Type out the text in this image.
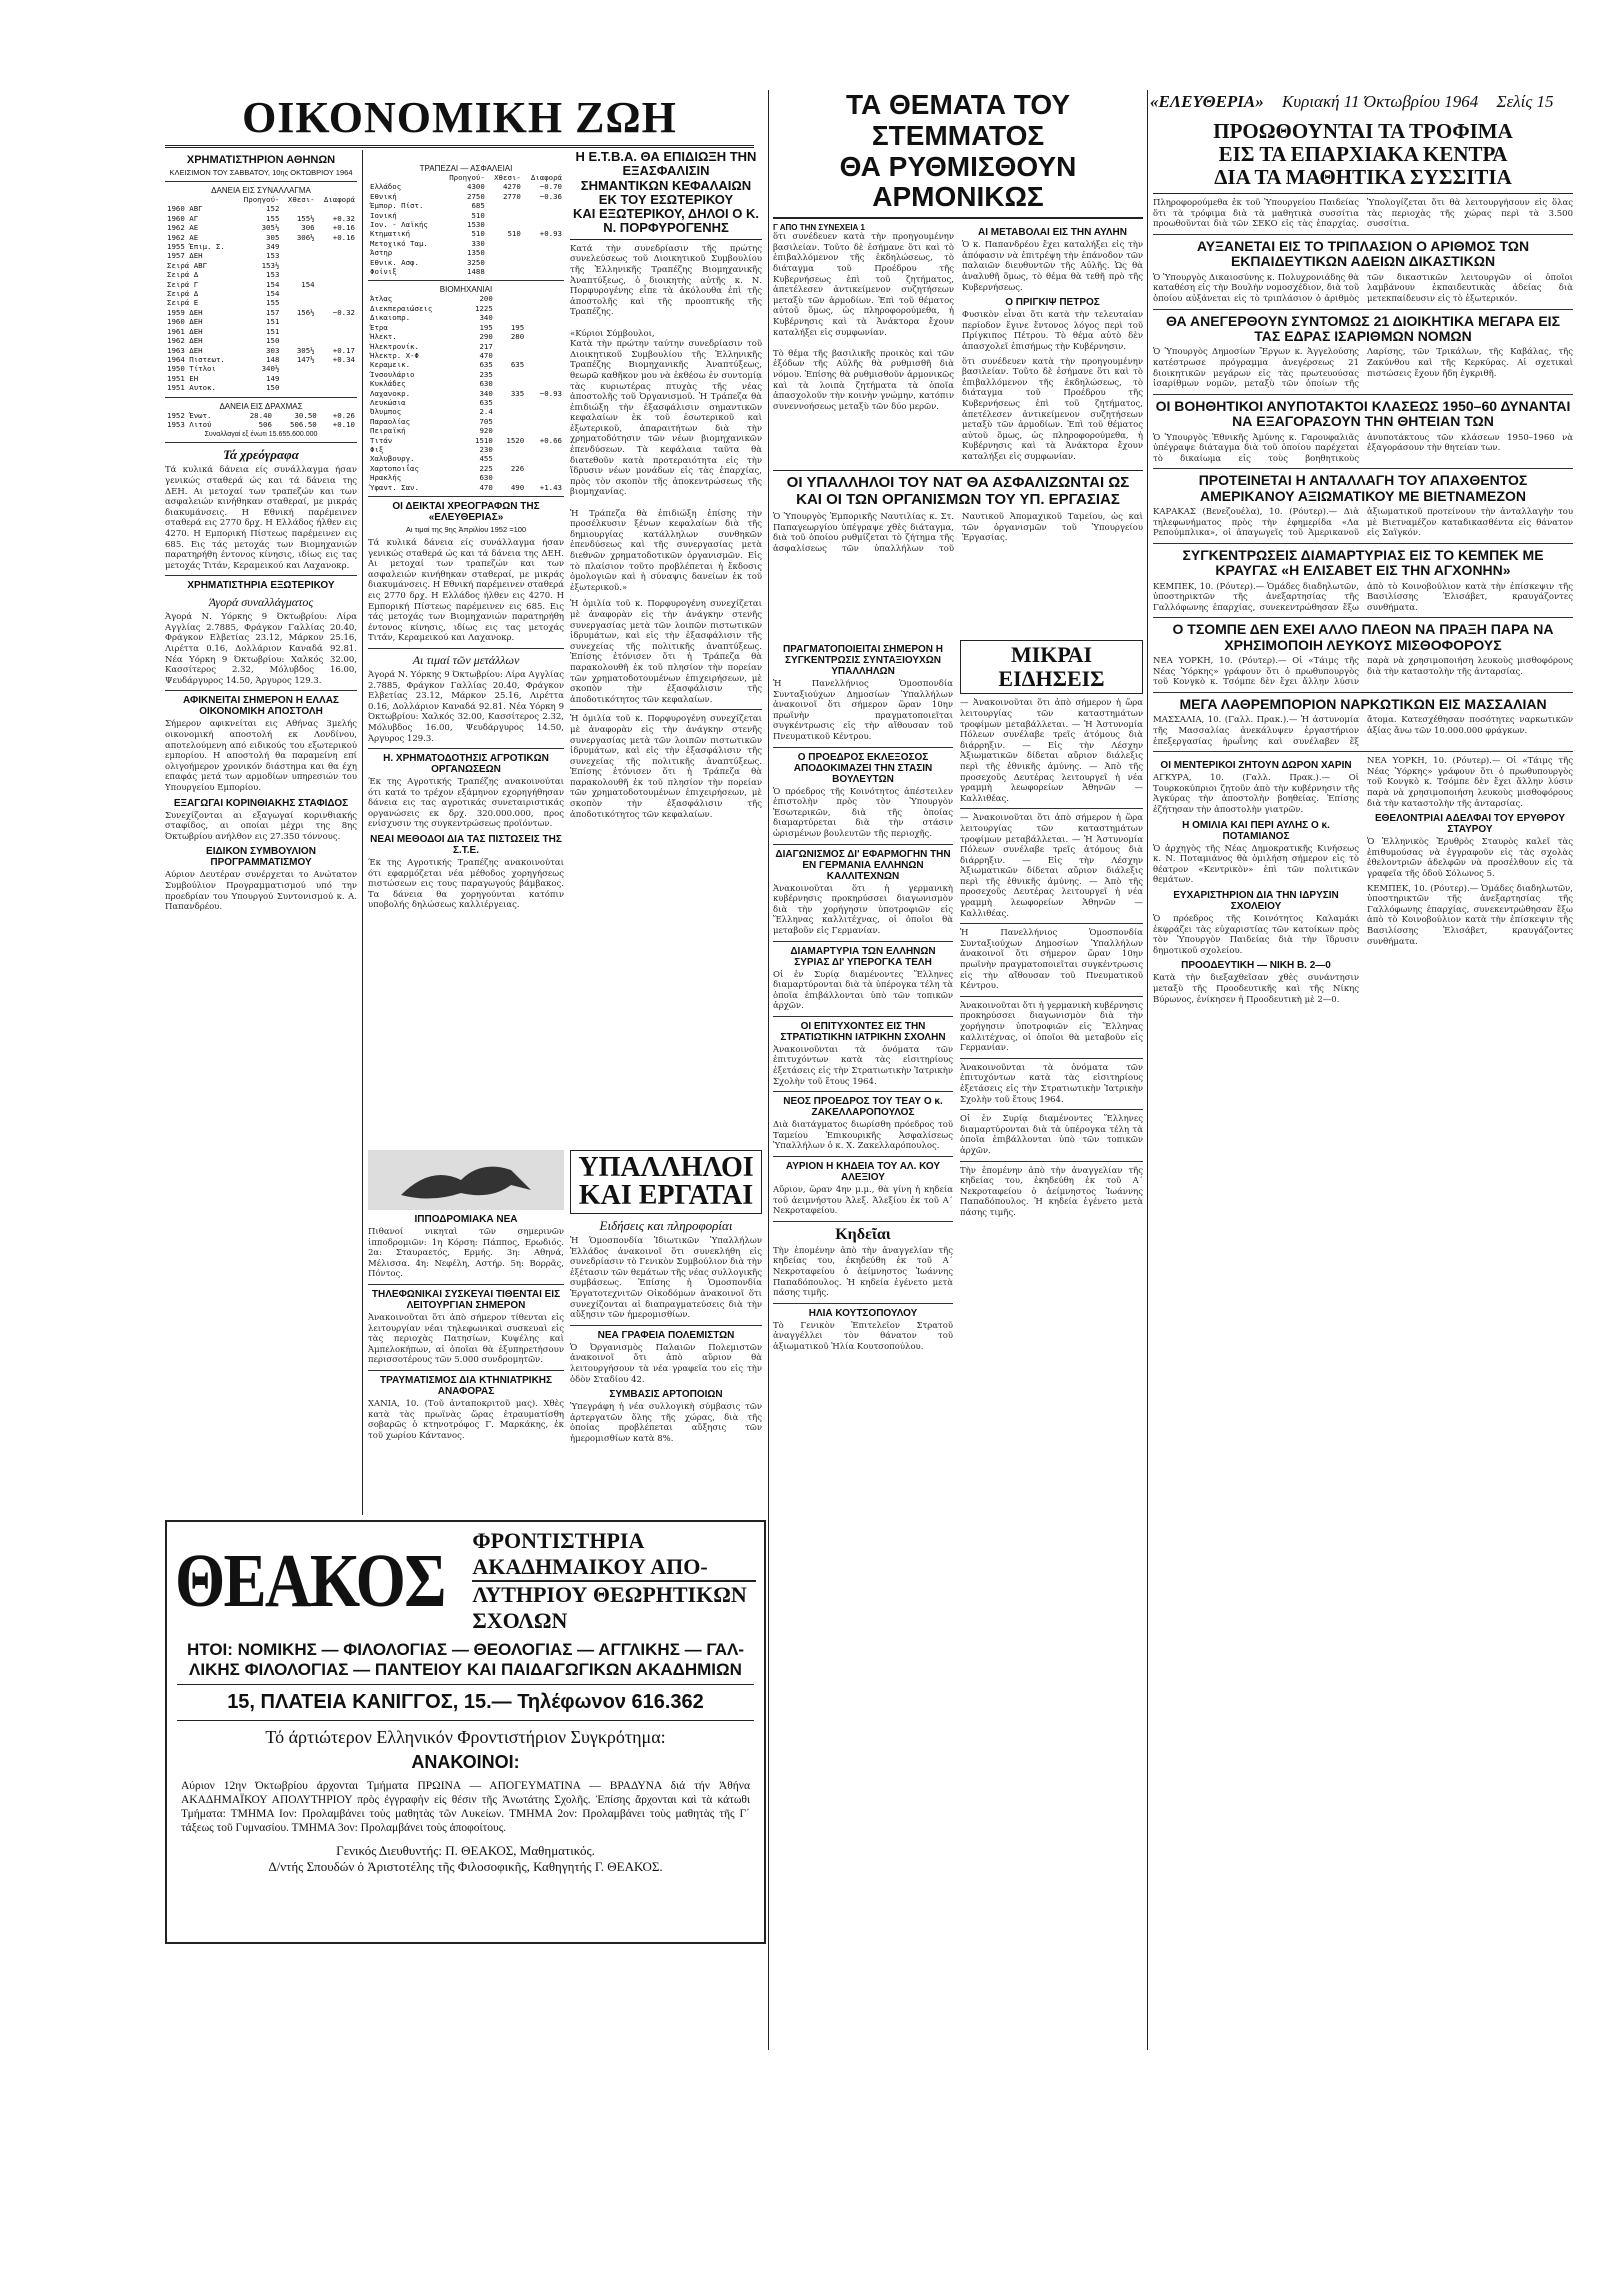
«ΕΛΕΥΘΕΡΙΑ» Κυριακή 11 Όκτωβρίου 1964 Σελίς 15
ΟΙΚΟΝΟΜΙΚΗ ΖΩΗ
ΧΡΗΜΑΤΙΣΤΗΡΙΟΝ ΑΘΗΝΩΝ
ΚΛΕΙΣΙΜΟΝ ΤΟΥ ΣΑΒΒΑΤΟΥ, 10ης ΟΚΤΩΒΡΙΟΥ 1964
ΔΑΝΕΙΑ ΕΙΣ ΣΥΝΑΛΛΑΓΜΑ
	Προηγού-	Χθεσι-	Διαφορά
1960 ΑΒΓ	152		
1960 ΑΓ	155	155½	+0.32
1962 ΑΕ	305½	306	+0.16
1962 ΑΕ	305	306½	+0.16
1955 Έπιμ. Σ.	349		
1957 ΔΕΗ	153		
Σειρά ΑΒΓ	153½		
Σειρά Δ	153		
Σειρά Γ	154	154	
Σειρά Δ	154		
Σειρά Ε	155		
1959 ΔΕΗ	157	156½	−0.32
1960 ΔΕΗ	151		
1961 ΔΕΗ	151		
1962 ΔΕΗ	150		
1963 ΔΕΗ	303	305½	+0.17
1964 Πιστεωτ.	148	147½	+0.34
1950 Τίτλοι	340½		
1951 ΕΗ	149		
1951 Αυτοκ.	150		
ΔΑΝΕΙΑ ΕΙΣ ΔΡΑΧΜΑΣ
1952 Ένωτ.	28.40	30.50	+0.26
1953 Λιτού	506	506.50	+0.10
Συναλλαγαί εξ ένωτι 15.655.600.000
Τά χρεόγραφα
Τά κυλικά δάνεια είς συνάλλαγμα ήσαν γενικώς σταθερά ώς και τά δάνεια της ΔΕΗ. Αι μετοχαί των τραπεζών και των ασφαλειών κινήθηκαν σταθεραί, με μικράς διακυμάνσεις. Η Εθνική παρέμεινεν σταθερά εις 2770 δρχ. Η Ελλάδος ήλθεν εις 4270. Η Εμπορική Πίστεως παρέμεινεν εις 685. Εις τάς μετοχάς των Βιομηχανιών παρατηρήθη έντονος κίνησις, ιδίως εις τας μετοχάς Τιτάν, Κεραμεικού και Λαχανοκρ.
ΧΡΗΜΑΤΙΣΤΗΡΙΑ ΕΞΩΤΕΡΙΚΟΥ
Άγορά συναλλάγματος
Άγορά Ν. Υόρκης 9 Όκτωβρίου: Λίρα Αγγλίας 2.7885, Φράγκον Γαλλίας 20.40, Φράγκον Ελβετίας 23.12, Μάρκον 25.16, Λιρέττα 0.16, Δολλάριον Καναδά 92.81. Νέα Υόρκη 9 Όκτωβρίου: Χαλκός 32.00, Κασσίτερος 2.32, Μόλυβδος 16.00, Ψευδάργυρος 14.50, Άργυρος 129.3.
ΑΦΙΚΝΕΙΤΑΙ ΣΗΜΕΡΟΝ Η ΕΛΛΑΣ ΟΙΚΟΝΟΜΙΚΗ ΑΠΟΣΤΟΛΗ
Σήμερον αφικνείται εις Αθήνας 3μελής οικονομική αποστολή εκ Λονδίνου, αποτελούμενη από ειδικούς του εξωτερικού εμπορίου. Η αποστολή θα παραμείνη επί ολιγοήμερον χρονικόν διάστημα και θα έχη επαφάς μετά των αρμοδίων υπηρεσιών του Υπουργείου Εμπορίου.
ΕΞΑΓΩΓΑΙ ΚΟΡΙΝΘΙΑΚΗΣ ΣΤΑΦΙΔΟΣ
Συνεχίζονται αι εξαγωγαί κορινθιακής σταφίδος, αι οποίαι μέχρι της 8ης Όκτωβρίου ανήλθον εις 27.350 τόννους.
ΕΙΔΙΚΟΝ ΣΥΜΒΟΥΛΙΟΝ ΠΡΟΓΡΑΜΜΑΤΙΣΜΟΥ
Αύριον Δευτέραν συνέρχεται το Ανώτατον Συμβούλιον Προγραμματισμού υπό την προεδρίαν του Υπουργού Συντονισμού κ. Α. Παπανδρέου.
ΤΡΑΠΕΖΑΙ — ΑΣΦΑΛΕΙΑΙ
	Προηγού-	Χθεσι-	Διαφορά
Ελλάδος	4300	4270	−0.70
Εθνική	2750	2770	−0.36
Έμπορ. Πίστ.	685		
Ιονική	510		
Ιον. - Λαϊκής	1530		
Κτηματική	510	510	+0.93
Μετοχικό Ταμ.	330		
Άστηρ	1350		
Εθνικ. Ασφ.	3250		
Φοίνιξ	1488		
ΒΙΟΜΗΧΑΝΙΑΙ
Άτλας	200		
Διεκπεραιώσεις	1225		
Δικαιοπρ.	340		
Έτρα	195	195	
Ήλεκτ.	290	280	
Ήλεκτρονίκ.	217		
Ήλεκτρ. Χ-Φ	470		
Κεραμεικ.	635	635	
Ίνσουλάριο	235		
Κυκλάδες	630		
Λαχανοκρ.	340	335	−0.93
Λευκώσια	635		
Όλυμπος	2.4		
Παραολίας	705		
Πειραϊκή	920		
Τιτάν	1510	1520	+0.66
Φιξ	230		
Χαλυβουργ.	455		
Χαρτοποιΐας	225	226	
Ηρακλής	630		
Ύφαντ. Σαν.	470	490	+1.43
ΟΙ ΔΕΙΚΤΑΙ ΧΡΕΟΓΡΑΦΩΝ ΤΗΣ «ΕΛΕΥΘΕΡΙΑΣ»
Αι τιμαί της 9ης Ἀπριλίου 1952 =100
Τά κυλικά δάνεια είς συνάλλαγμα ήσαν γενικώς σταθερά ώς και τά δάνεια της ΔΕΗ. Αι μετοχαί των τραπεζών και των ασφαλειών κινήθηκαν σταθεραί, με μικράς διακυμάνσεις. Η Εθνική παρέμεινεν σταθερά εις 2770 δρχ. Η Ελλάδος ήλθεν εις 4270. Η Εμπορική Πίστεως παρέμεινεν εις 685. Εις τάς μετοχάς των Βιομηχανιών παρατηρήθη έντονος κίνησις, ιδίως εις τας μετοχάς Τιτάν, Κεραμεικού και Λαχανοκρ.
Αι τιμαί τῶν μετάλλων
Άγορά Ν. Υόρκης 9 Όκτωβρίου: Λίρα Αγγλίας 2.7885, Φράγκον Γαλλίας 20.40, Φράγκον Ελβετίας 23.12, Μάρκον 25.16, Λιρέττα 0.16, Δολλάριον Καναδά 92.81. Νέα Υόρκη 9 Όκτωβρίου: Χαλκός 32.00, Κασσίτερος 2.32, Μόλυβδος 16.00, Ψευδάργυρος 14.50, Άργυρος 129.3.
Η. ΧΡΗΜΑΤΟΔΟΤΗΣΙΣ ΑΓΡΟΤΙΚΩΝ ΟΡΓΑΝΩΣΕΩΝ
Έκ της Αγροτικής Τραπέζης ανακοινούται ότι κατά το τρέχον εξάμηνον εχορηγήθησαν δάνεια εις τας αγροτικάς συνεταιριστικάς οργανώσεις εκ δρχ. 320.000.000, προς ενίσχυσιν της συγκεντρώσεως προϊόντων.
ΝΕΑΙ ΜΕΘΟΔΟΙ ΔΙΑ ΤΑΣ ΠΙΣΤΩΣΕΙΣ ΤΗΣ Σ.Τ.Ε.
Έκ της Αγροτικής Τραπέζης ανακοινούται ότι εφαρμόζεται νέα μέθοδος χορηγήσεως πιστώσεων εις τους παραγωγούς βάμβακος. Τα δάνεια θα χορηγούνται κατόπιν υποβολής δηλώσεως καλλιέργειας.
Η Ε.Τ.Β.Α. ΘΑ ΕΠΙΔΙΩΞΗ ΤΗΝ ΕΞΑΣΦΑΛΙΣΙΝ
ΣΗΜΑΝΤΙΚΩΝ ΚΕΦΑΛΑΙΩΝ ΕΚ ΤΟΥ ΕΣΩΤΕΡΙΚΟΥ
ΚΑΙ ΕΞΩΤΕΡΙΚΟΥ, ΔΗΛΟΙ Ο Κ. Ν. ΠΟΡΦΥΡΟΓΕΝΗΣ
Κατά τὴν συνεδρίασιν τῆς πρώτης συνελεύσεως τοῦ Διοικητικοῦ Συμβουλίου τῆς Ἑλληνικῆς Τραπέζης Βιομηχανικῆς Ἀναπτύξεως, ὁ διοικητὴς αὐτῆς κ. Ν. Πορφυρογένης εἶπε τὰ ἀκόλουθα ἐπὶ τῆς ἀποστολῆς καὶ τῆς προοπτικῆς τῆς Τραπέζης.

«Κύριοι Σύμβουλοι,
Κατὰ τὴν πρώτην ταύτην συνεδρίασιν τοῦ Διοικητικοῦ Συμβουλίου τῆς Ἑλληνικῆς Τραπέζης Βιομηχανικῆς Ἀναπτύξεως, θεωρῶ καθῆκον μου νὰ ἐκθέσω ἐν συντομίᾳ τὰς κυριωτέρας πτυχὰς τῆς νέας ἀποστολῆς τοῦ Ὀργανισμοῦ. Ἡ Τράπεζα θὰ ἐπιδιώξη τὴν ἐξασφάλισιν σημαντικῶν κεφαλαίων ἐκ τοῦ ἐσωτερικοῦ καὶ ἐξωτερικοῦ, ἀπαραιτήτων διὰ τὴν χρηματοδότησιν τῶν νέων βιομηχανικῶν ἐπενδύσεων. Τὰ κεφάλαια ταῦτα θὰ διατεθοῦν κατὰ προτεραιότητα εἰς τὴν ἵδρυσιν νέων μονάδων εἰς τὰς ἐπαρχίας, πρὸς τὸν σκοπὸν τῆς ἀποκεντρώσεως τῆς βιομηχανίας.

Ἡ Τράπεζα θὰ ἐπιδιώξη ἐπίσης τὴν προσέλκυσιν ξένων κεφαλαίων διὰ τῆς δημιουργίας κατάλληλων συνθηκῶν ἐπενδύσεως καὶ τῆς συνεργασίας μετὰ διεθνῶν χρηματοδοτικῶν ὀργανισμῶν. Εἰς τὸ πλαίσιον τοῦτο προβλέπεται ἡ ἔκδοσις ὁμολογιῶν καὶ ἡ σύναψις δανείων ἐκ τοῦ ἐξωτερικοῦ.»
Ἡ ὁμιλία τοῦ κ. Πορφυρογένη συνεχίζεται μὲ ἀναφορὰν εἰς τὴν ἀνάγκην στενῆς συνεργασίας μετὰ τῶν λοιπῶν πιστωτικῶν ἱδρυμάτων, καὶ εἰς τὴν ἐξασφάλισιν τῆς συνεχείας τῆς πολιτικῆς ἀναπτύξεως. Ἐπίσης ἐτόνισεν ὅτι ἡ Τράπεζα θὰ παρακολουθῆ ἐκ τοῦ πλησίον τὴν πορείαν τῶν χρηματοδοτουμένων ἐπιχειρήσεων, μὲ σκοπὸν τὴν ἐξασφάλισιν τῆς ἀποδοτικότητος τῶν κεφαλαίων.
Ἡ ὁμιλία τοῦ κ. Πορφυρογένη συνεχίζεται μὲ ἀναφορὰν εἰς τὴν ἀνάγκην στενῆς συνεργασίας μετὰ τῶν λοιπῶν πιστωτικῶν ἱδρυμάτων, καὶ εἰς τὴν ἐξασφάλισιν τῆς συνεχείας τῆς πολιτικῆς ἀναπτύξεως. Ἐπίσης ἐτόνισεν ὅτι ἡ Τράπεζα θὰ παρακολουθῆ ἐκ τοῦ πλησίον τὴν πορείαν τῶν χρηματοδοτουμένων ἐπιχειρήσεων, μὲ σκοπὸν τὴν ἐξασφάλισιν τῆς ἀποδοτικότητος τῶν κεφαλαίων.
ΙΠΠΟΔΡΟΜΙΑΚΑ ΝΕΑ
Πιθανοί νικηταὶ τῶν σημερινῶν ἱπποδρομιῶν: 1η Κόρση: Πάππος, Ερωδιός. 2α: Σταυραετός, Ερμής. 3η: Αθηνά, Μέλισσα. 4η: Νεφέλη, Αστήρ. 5η: Βορρᾶς, Πόντος.
ΤΗΛΕΦΩΝΙΚΑΙ ΣΥΣΚΕΥΑΙ ΤΙΘΕΝΤΑΙ ΕΙΣ ΛΕΙΤΟΥΡΓΙΑΝ ΣΗΜΕΡΟΝ
Ἀνακοινοῦται ὅτι ἀπὸ σήμερον τίθενται εἰς λειτουργίαν νέαι τηλεφωνικαὶ συσκευαὶ εἰς τὰς περιοχὰς Πατησίων, Κυψέλης καὶ Ἀμπελοκήπων, αἱ ὁποῖαι θὰ ἐξυπηρετήσουν περισσοτέρους τῶν 5.000 συνδρομητῶν.
ΤΡΑΥΜΑΤΙΣΜΟΣ ΔΙΑ ΚΤΗΝΙΑΤΡΙΚΗΣ ΑΝΑΦΟΡΑΣ
ΧΑΝΙΑ, 10. (Τοῦ ἀνταποκριτοῦ μας). Χθὲς κατὰ τὰς πρωϊνὰς ὥρας ἐτραυματίσθη σοβαρῶς ὁ κτηνοτρόφος Γ. Μαρκάκης, ἐκ τοῦ χωρίου Κάντανος.
ΥΠΑΛΛΗΛΟΙ ΚΑΙ ΕΡΓΑΤΑΙ
Ειδήσεις και πληροφορίαι
Ἡ Ὁμοσπονδία Ἰδιωτικῶν Ὑπαλλήλων Ἑλλάδος ἀνακοινοῖ ὅτι συνεκλήθη εἰς συνεδρίασιν τὸ Γενικὸν Συμβούλιον διὰ τὴν ἐξέτασιν τῶν θεμάτων τῆς νέας συλλογικῆς συμβάσεως. Ἐπίσης ἡ Ὁμοσπονδία Ἐργατοτεχνιτῶν Οἰκοδόμων ἀνακοινοῖ ὅτι συνεχίζονται αἱ διαπραγματεύσεις διὰ τὴν αὔξησιν τῶν ἡμερομισθίων.
ΝΕΑ ΓΡΑΦΕΙΑ ΠΟΛΕΜΙΣΤΩΝ
Ὁ Ὀργανισμὸς Παλαιῶν Πολεμιστῶν ἀνακοινοῖ ὅτι ἀπὸ αὔριον θὰ λειτουργήσουν τὰ νέα γραφεῖα του εἰς τὴν ὁδὸν Σταδίου 42.
ΣΥΜΒΑΣΙΣ ΑΡΤΟΠΟΙΩΝ
Ὑπεγράφη ἡ νέα συλλογικὴ σύμβασις τῶν ἀρτεργατῶν ὅλης τῆς χώρας, διὰ τῆς ὁποίας προβλέπεται αὔξησις τῶν ἡμερομισθίων κατὰ 8%.
ΘΕΑΚΟΣ ΦΡΟΝΤΙΣΤΗΡΙΑ ΑΚΑΔΗΜΑΙΚΟΥ ΑΠΟ-
ΛΥΤΗΡΙΟΥ ΘΕΩΡΗΤΙΚΩΝ ΣΧΟΛΩΝ
ΗΤΟΙ: ΝΟΜΙΚΗΣ — ΦΙΛΟΛΟΓΙΑΣ — ΘΕΟΛΟΓΙΑΣ — ΑΓΓΛΙΚΗΣ — ΓΑΛ-ΛΙΚΗΣ ΦΙΛΟΛΟΓΙΑΣ — ΠΑΝΤΕΙΟΥ ΚΑΙ ΠΑΙΔΑΓΩΓΙΚΩΝ ΑΚΑΔΗΜΙΩΝ
15, ΠΛΑΤΕΙΑ ΚΑΝΙΓΓΟΣ, 15.— Τηλέφωνον 616.362
Τό άρτιώτερον Ελληνικόν Φροντιστήριον Συγκρότημα:
ΑΝΑΚΟΙΝΟΙ:
Αύριον 12ην Όκτωβρίου άρχονται Τμήματα ΠΡΩΙΝΑ — ΑΠΟΓΕΥΜΑΤΙΝΑ — ΒΡΑΔΥΝΑ διά τήν Ἀθήνα ΑΚΑΔΗΜΑΪΚΟΥ ΑΠΟΛΥΤΗΡΙΟΥ πρὸς ἐγγραφὴν εἰς θέσιν τῆς Ἀνωτάτης Σχολῆς. Ἐπίσης ἄρχονται καὶ τὰ κάτωθι Τμήματα: ΤΜΗΜΑ Ιον: Προλαμβάνει τοὺς μαθητὰς τῶν Λυκείων. ΤΜΗΜΑ 2ον: Προλαμβάνει τοὺς μαθητὰς τῆς Γ΄ τάξεως τοῦ Γυμνασίου. ΤΜΗΜΑ 3ον: Προλαμβάνει τοὺς ἀποφοίτους.
Γενικός Διευθυντής: Π. ΘΕΑΚΟΣ, Μαθηματικός.
Δ/ντής Σπουδών ὁ Ἀριστοτέλης τῆς Φιλοσοφικῆς, Καθηγητής Γ. ΘΕΑΚΟΣ.
ΤΑ ΘΕΜΑΤΑ ΤΟΥ ΣΤΕΜΜΑΤΟΣ
ΘΑ ΡΥΘΜΙΣΘΟΥΝ ΑΡΜΟΝΙΚΩΣ
Γ ΑΠΟ ΤΗΝ ΣΥΝΕΧΕΙΑ 1
ὅτι συνέδευεν κατὰ τὴν προηγουμένην βασιλείαν. Τοῦτο δὲ ἐσήμανε ὅτι καὶ τὸ ἐπιβαλλόμενον τῆς ἐκδηλώσεως, τὸ διάταγμα τοῦ Προέδρου τῆς Κυβερνήσεως ἐπὶ τοῦ ζητήματος, ἀπετέλεσεν ἀντικείμενον συζητήσεων μεταξὺ τῶν ἀρμοδίων. Ἐπὶ τοῦ θέματος αὐτοῦ ὅμως, ὡς πληροφορούμεθα, ἡ Κυβέρνησις καὶ τὰ Ἀνάκτορα ἔχουν καταλήξει εἰς συμφωνίαν.

Τὸ θέμα τῆς βασιλικῆς προικὸς καὶ τῶν ἐξόδων τῆς Αὐλῆς θὰ ρυθμισθῆ διὰ νόμου. Ἐπίσης θὰ ρυθμισθοῦν ἁρμονικῶς καὶ τὰ λοιπὰ ζητήματα τὰ ὁποῖα ἀπασχολοῦν τὴν κοινὴν γνώμην, κατόπιν συνεννοήσεως μεταξὺ τῶν δύο μερῶν.
ΑΙ ΜΕΤΑΒΟΛΑΙ ΕΙΣ ΤΗΝ ΑΥΛΗΝ
Ὁ κ. Παπανδρέου ἔχει καταλήξει εἰς τὴν ἀπόφασιν νὰ ἐπιτρέψη τὴν ἐπάνοδον τῶν παλαιῶν διευθυντῶν τῆς Αὐλῆς. Ὡς θὰ ἀναλυθῆ ὅμως, τὸ θέμα θὰ τεθῆ πρὸ τῆς Κυβερνήσεως.
Ο ΠΡΙΓΚΙΨ ΠΕΤΡΟΣ
Φυσικὸν εἶναι ὅτι κατὰ τὴν τελευταίαν περίοδον ἔγινε ἔντονος λόγος περὶ τοῦ Πρίγκιπος Πέτρου. Τὸ θέμα αὐτὸ δὲν ἀπασχολεῖ ἐπισήμως τὴν Κυβέρνησιν.
ὅτι συνέδευεν κατὰ τὴν προηγουμένην βασιλείαν. Τοῦτο δὲ ἐσήμανε ὅτι καὶ τὸ ἐπιβαλλόμενον τῆς ἐκδηλώσεως, τὸ διάταγμα τοῦ Προέδρου τῆς Κυβερνήσεως ἐπὶ τοῦ ζητήματος, ἀπετέλεσεν ἀντικείμενον συζητήσεων μεταξὺ τῶν ἀρμοδίων. Ἐπὶ τοῦ θέματος αὐτοῦ ὅμως, ὡς πληροφορούμεθα, ἡ Κυβέρνησις καὶ τὰ Ἀνάκτορα ἔχουν καταλήξει εἰς συμφωνίαν.

ΟΙ ΥΠΑΛΛΗΛΟΙ ΤΟΥ ΝΑΤ ΘΑ ΑΣΦΑΛΙΖΩΝΤΑΙ ΩΣ ΚΑΙ ΟΙ ΤΩΝ ΟΡΓΑΝΙΣΜΩΝ ΤΟΥ ΥΠ. ΕΡΓΑΣΙΑΣ
Ὁ Ὑπουργὸς Ἐμπορικῆς Ναυτιλίας κ. Στ. Παπαγεωργίου ὑπέγραψε χθὲς διάταγμα, διὰ τοῦ ὁποίου ρυθμίζεται τὸ ζήτημα τῆς ἀσφαλίσεως τῶν ὑπαλλήλων τοῦ Ναυτικοῦ Ἀπομαχικοῦ Ταμείου, ὡς καὶ τῶν ὀργανισμῶν τοῦ Ὑπουργείου Ἐργασίας.
ΠΡΑΓΜΑΤΟΠΟΙΕΙΤΑΙ ΣΗΜΕΡΟΝ Η ΣΥΓΚΕΝΤΡΩΣΙΣ ΣΥΝΤΑΞΙΟΥΧΩΝ ΥΠΑΛΛΗΛΩΝ
Ἡ Πανελλήνιος Ὁμοσπονδία Συνταξιούχων Δημοσίων Ὑπαλλήλων ἀνακοινοῖ ὅτι σήμερον ὥραν 10ην πρωϊνὴν πραγματοποιεῖται συγκέντρωσις εἰς τὴν αἴθουσαν τοῦ Πνευματικοῦ Κέντρου.
Ο ΠΡΟΕΔΡΟΣ ΕΚΛΕΞΟΣΟΣ ΑΠΟΔΟΚΙΜΑΖΕΙ ΤΗΝ ΣΤΑΣΙΝ ΒΟΥΛΕΥΤΩΝ
Ὁ πρόεδρος τῆς Κοινότητος ἀπέστειλεν ἐπιστολὴν πρὸς τὸν Ὑπουργὸν Ἐσωτερικῶν, διὰ τῆς ὁποίας διαμαρτύρεται διὰ τὴν στάσιν ὡρισμένων βουλευτῶν τῆς περιοχῆς.
ΔΙΑΓΩΝΙΣΜΟΣ ΔΙ' ΕΦΑΡΜΟΓΗΝ ΤΗΝ ΕΝ ΓΕΡΜΑΝΙΑ ΕΛΛΗΝΩΝ ΚΑΛΛΙΤΕΧΝΩΝ
Ἀνακοινοῦται ὅτι ἡ γερμανικὴ κυβέρνησις προκηρύσσει διαγωνισμὸν διὰ τὴν χορήγησιν ὑποτροφιῶν εἰς Ἕλληνας καλλιτέχνας, οἱ ὁποῖοι θὰ μεταβοῦν εἰς Γερμανίαν.
ΔΙΑΜΑΡΤΥΡΙΑ ΤΩΝ ΕΛΛΗΝΩΝ ΣΥΡΙΑΣ ΔΙ' ΥΠΕΡΟΓΚΑ ΤΕΛΗ
Οἱ ἐν Συρίᾳ διαμένοντες Ἕλληνες διαμαρτύρονται διὰ τὰ ὑπέρογκα τέλη τὰ ὁποῖα ἐπιβάλλονται ὑπὸ τῶν τοπικῶν ἀρχῶν.
ΟΙ ΕΠΙΤΥΧΟΝΤΕΣ ΕΙΣ ΤΗΝ ΣΤΡΑΤΙΩΤΙΚΗΝ ΙΑΤΡΙΚΗΝ ΣΧΟΛΗΝ
Ἀνακοινοῦνται τὰ ὀνόματα τῶν ἐπιτυχόντων κατὰ τὰς εἰσιτηρίους ἐξετάσεις εἰς τὴν Στρατιωτικὴν Ἰατρικὴν Σχολὴν τοῦ ἔτους 1964.
ΝΕΟΣ ΠΡΟΕΔΡΟΣ ΤΟΥ ΤΕΑΥ Ο κ. ΖΑΚΕΛΛΑΡΟΠΟΥΛΟΣ
Διὰ διατάγματος διωρίσθη πρόεδρος τοῦ Ταμείου Ἐπικουρικῆς Ἀσφαλίσεως Ὑπαλλήλων ὁ κ. Χ. Ζακελλαρόπουλος.
ΑΥΡΙΟΝ Η ΚΗΔΕΙΑ ΤΟΥ ΑΛ. ΚΟΥ ΑΛΕΞΙΟΥ
Αὔριον, ὥραν 4ην μ.μ., θὰ γίνη ἡ κηδεία τοῦ ἀειμνήστου Ἀλεξ. Ἀλεξίου ἐκ τοῦ Α΄ Νεκροταφείου.
Κηδεῖαι
Τὴν ἑπομένην ἀπὸ τὴν ἀναγγελίαν τῆς κηδείας του, ἐκηδεύθη ἐκ τοῦ Α΄ Νεκροταφείου ὁ ἀείμνηστος Ἰωάννης Παπαδόπουλος. Ἡ κηδεία ἐγένετο μετὰ πάσης τιμῆς.
ΗΛΙΑ ΚΟΥΤΣΟΠΟΥΛΟΥ
Τὸ Γενικὸν Ἐπιτελεῖον Στρατοῦ ἀναγγέλλει τὸν θάνατον τοῦ ἀξιωματικοῦ Ἠλία Κουτσοπούλου.
ΜΙΚΡΑΙ ΕΙΔΗΣΕΙΣ
— Ἀνακοινοῦται ὅτι ἀπὸ σήμερον ἡ ὥρα λειτουργίας τῶν καταστημάτων τροφίμων μεταβάλλεται. — Ἡ Ἀστυνομία Πόλεων συνέλαβε τρεῖς ἀτόμους διὰ διάρρηξιν. — Εἰς τὴν Λέσχην Ἀξιωματικῶν δίδεται αὔριον διάλεξις περὶ τῆς ἐθνικῆς ἀμύνης. — Ἀπὸ τῆς προσεχοῦς Δευτέρας λειτουργεῖ ἡ νέα γραμμὴ λεωφορείων Ἀθηνῶν — Καλλιθέας.
— Ἀνακοινοῦται ὅτι ἀπὸ σήμερον ἡ ὥρα λειτουργίας τῶν καταστημάτων τροφίμων μεταβάλλεται. — Ἡ Ἀστυνομία Πόλεων συνέλαβε τρεῖς ἀτόμους διὰ διάρρηξιν. — Εἰς τὴν Λέσχην Ἀξιωματικῶν δίδεται αὔριον διάλεξις περὶ τῆς ἐθνικῆς ἀμύνης. — Ἀπὸ τῆς προσεχοῦς Δευτέρας λειτουργεῖ ἡ νέα γραμμὴ λεωφορείων Ἀθηνῶν — Καλλιθέας.
Ἡ Πανελλήνιος Ὁμοσπονδία Συνταξιούχων Δημοσίων Ὑπαλλήλων ἀνακοινοῖ ὅτι σήμερον ὥραν 10ην πρωϊνὴν πραγματοποιεῖται συγκέντρωσις εἰς τὴν αἴθουσαν τοῦ Πνευματικοῦ Κέντρου.
Ἀνακοινοῦται ὅτι ἡ γερμανικὴ κυβέρνησις προκηρύσσει διαγωνισμὸν διὰ τὴν χορήγησιν ὑποτροφιῶν εἰς Ἕλληνας καλλιτέχνας, οἱ ὁποῖοι θὰ μεταβοῦν εἰς Γερμανίαν.
Ἀνακοινοῦνται τὰ ὀνόματα τῶν ἐπιτυχόντων κατὰ τὰς εἰσιτηρίους ἐξετάσεις εἰς τὴν Στρατιωτικὴν Ἰατρικὴν Σχολὴν τοῦ ἔτους 1964.
Οἱ ἐν Συρίᾳ διαμένοντες Ἕλληνες διαμαρτύρονται διὰ τὰ ὑπέρογκα τέλη τὰ ὁποῖα ἐπιβάλλονται ὑπὸ τῶν τοπικῶν ἀρχῶν.
Τὴν ἑπομένην ἀπὸ τὴν ἀναγγελίαν τῆς κηδείας του, ἐκηδεύθη ἐκ τοῦ Α΄ Νεκροταφείου ὁ ἀείμνηστος Ἰωάννης Παπαδόπουλος. Ἡ κηδεία ἐγένετο μετὰ πάσης τιμῆς.
ΠΡΟΩΘΟΥΝΤΑΙ ΤΑ ΤΡΟΦΙΜΑ
ΕΙΣ ΤΑ ΕΠΑΡΧΙΑΚΑ ΚΕΝΤΡΑ
ΔΙΑ ΤΑ ΜΑΘΗΤΙΚΑ ΣΥΣΣΙΤΙΑ
Πληροφορούμεθα ἐκ τοῦ Ὑπουργείου Παιδείας ὅτι τὰ τρόφιμα διὰ τὰ μαθητικὰ συσσίτια προωθοῦνται διὰ τῶν ΣΕΚΟ εἰς τὰς ἐπαρχίας. Ὑπολογίζεται ὅτι θὰ λειτουργήσουν εἰς ὅλας τὰς περιοχὰς τῆς χώρας περὶ τὰ 3.500 συσσίτια.
ΑΥΞΑΝΕΤΑΙ ΕΙΣ ΤΟ ΤΡΙΠΛΑΣΙΟΝ Ο ΑΡΙΘΜΟΣ ΤΩΝ ΕΚΠΑΙΔΕΥΤΙΚΩΝ ΑΔΕΙΩΝ ΔΙΚΑΣΤΙΚΩΝ
Ὁ Ὑπουργὸς Δικαιοσύνης κ. Πολυχρονιάδης θὰ καταθέση εἰς τὴν Βουλὴν νομοσχέδιον, διὰ τοῦ ὁποίου αὐξάνεται εἰς τὸ τριπλάσιον ὁ ἀριθμὸς τῶν δικαστικῶν λειτουργῶν οἱ ὁποῖοι λαμβάνουν ἐκπαιδευτικὰς ἀδείας διὰ μετεκπαίδευσιν εἰς τὸ ἐξωτερικόν.
ΘΑ ΑΝΕΓΕΡΘΟΥΝ ΣΥΝΤΟΜΩΣ 21 ΔΙΟΙΚΗΤΙΚΑ ΜΕΓΑΡΑ ΕΙΣ ΤΑΣ ΕΔΡΑΣ ΙΣΑΡΙΘΜΩΝ ΝΟΜΩΝ
Ὁ Ὑπουργὸς Δημοσίων Ἔργων κ. Ἀγγελούσης κατέστρωσε πρόγραμμα ἀνεγέρσεως 21 διοικητικῶν μεγάρων εἰς τὰς πρωτευούσας ἰσαρίθμων νομῶν, μεταξὺ τῶν ὁποίων τῆς Λαρίσης, τῶν Τρικάλων, τῆς Καβάλας, τῆς Ζακύνθου καὶ τῆς Κερκύρας. Αἱ σχετικαὶ πιστώσεις ἔχουν ἤδη ἐγκριθῆ.
ΟΙ ΒΟΗΘΗΤΙΚΟΙ ΑΝΥΠΟΤΑΚΤΟΙ ΚΛΑΣΕΩΣ 1950–60 ΔΥΝΑΝΤΑΙ ΝΑ ΕΞΑΓΟΡΑΣΟΥΝ ΤΗΝ ΘΗΤΕΙΑΝ ΤΩΝ
Ὁ Ὑπουργὸς Ἐθνικῆς Ἀμύνης κ. Γαρουφαλιᾶς ὑπέγραψε διάταγμα διὰ τοῦ ὁποίου παρέχεται τὸ δικαίωμα εἰς τοὺς βοηθητικοὺς ἀνυποτάκτους τῶν κλάσεων 1950–1960 νὰ ἐξαγοράσουν τὴν θητείαν των.
ΠΡΟΤΕΙΝΕΤΑΙ Η ΑΝΤΑΛΛΑΓΗ ΤΟΥ ΑΠΑΧΘΕΝΤΟΣ ΑΜΕΡΙΚΑΝΟΥ ΑΞΙΩΜΑΤΙΚΟΥ ΜΕ ΒΙΕΤΝΑΜΕΖΟΝ
ΚΑΡΑΚΑΣ (Βενεζουέλα), 10. (Ρόυτερ).— Διὰ τηλεφωνήματος πρὸς τὴν ἐφημερίδα «Λα Ρεπούμπλικα», οἱ ἀπαγωγεῖς τοῦ Ἀμερικανοῦ ἀξιωματικοῦ προτείνουν τὴν ἀνταλλαγὴν του μὲ Βιετναμέζον καταδικασθέντα εἰς θάνατον εἰς Σαϊγκόν.
ΣΥΓΚΕΝΤΡΩΣΕΙΣ ΔΙΑΜΑΡΤΥΡΙΑΣ ΕΙΣ ΤΟ ΚΕΜΠΕΚ ΜΕ ΚΡΑΥΓΑΣ «Η ΕΛΙΣΑΒΕΤ ΕΙΣ ΤΗΝ ΑΓΧΟΝΗΝ»
ΚΕΜΠΕΚ, 10. (Ρόυτερ).— Ὁμάδες διαδηλωτῶν, ὑποστηρικτῶν τῆς ἀνεξαρτησίας τῆς Γαλλόφωνης ἐπαρχίας, συνεκεντρώθησαν ἔξω ἀπὸ τὸ Κοινοβούλιον κατὰ τὴν ἐπίσκεψιν τῆς Βασιλίσσης Ἐλισάβετ, κραυγάζοντες συνθήματα.
Ο ΤΣΟΜΠΕ ΔΕΝ ΕΧΕΙ ΑΛΛΟ ΠΛΕΟΝ ΝΑ ΠΡΑΞΗ ΠΑΡΑ ΝΑ ΧΡΗΣΙΜΟΠΟΙΗ ΛΕΥΚΟΥΣ ΜΙΣΘΟΦΟΡΟΥΣ
ΝΕΑ ΥΟΡΚΗ, 10. (Ρόυτερ).— Οἱ «Τάιμς τῆς Νέας Ὑόρκης» γράφουν ὅτι ὁ πρωθυπουργὸς τοῦ Κονγκὸ κ. Τσόμπε δὲν ἔχει ἄλλην λύσιν παρὰ νὰ χρησιμοποιήση λευκοὺς μισθοφόρους διὰ τὴν καταστολὴν τῆς ἀνταρσίας.
ΜΕΓΑ ΛΑΘΡΕΜΠΟΡΙΟΝ ΝΑΡΚΩΤΙΚΩΝ ΕΙΣ ΜΑΣΣΑΛΙΑΝ
ΜΑΣΣΑΛΙΑ, 10. (Γαλλ. Πρακ.).— Ἡ ἀστυνομία τῆς Μασσαλίας ἀνεκάλυψεν ἐργαστήριον ἐπεξεργασίας ἡρωΐνης καὶ συνέλαβεν ἕξ ἄτομα. Κατεσχέθησαν ποσότητες ναρκωτικῶν ἀξίας ἄνω τῶν 10.000.000 φράγκων.
ΟΙ ΜΕΝΤΕΡΙΚΟΙ ΖΗΤΟΥΝ ΔΩΡΟΝ ΧΑΡΙΝ
ΑΓΚΥΡΑ, 10. (Γαλλ. Πρακ.).— Οἱ Τουρκοκύπριοι ζητοῦν ἀπὸ τὴν κυβέρνησιν τῆς Ἀγκύρας τὴν ἀποστολὴν βοηθείας. Ἐπίσης ἐζήτησαν τὴν ἀποστολὴν γιατρῶν.
Η ΟΜΙΛΙΑ ΚΑΙ ΠΕΡΙ ΑΥΛΗΣ Ο κ. ΠΟΤΑΜΙΑΝΟΣ
Ὁ ἀρχηγὸς τῆς Νέας Δημοκρατικῆς Κινήσεως κ. Ν. Ποταμιάνος θὰ ὁμιλήση σήμερον εἰς τὸ θέατρον «Κεντρικὸν» ἐπὶ τῶν πολιτικῶν θεμάτων.
ΕΥΧΑΡΙΣΤΗΡΙΟΝ ΔΙΑ ΤΗΝ ΙΔΡΥΣΙΝ ΣΧΟΛΕΙΟΥ
Ὁ πρόεδρος τῆς Κοινότητος Καλαμάκι ἐκφράζει τὰς εὐχαριστίας τῶν κατοίκων πρὸς τὸν Ὑπουργὸν Παιδείας διὰ τὴν ἵδρυσιν δημοτικοῦ σχολείου.
ΠΡΟΟΔΕΥΤΙΚΗ — ΝΙΚΗ Β. 2—0
Κατὰ τὴν διεξαχθεῖσαν χθὲς συνάντησιν μεταξὺ τῆς Προοδευτικῆς καὶ τῆς Νίκης Βύρωνος, ἐνίκησεν ἡ Προοδευτικὴ μὲ 2—0.
ΝΕΑ ΥΟΡΚΗ, 10. (Ρόυτερ).— Οἱ «Τάιμς τῆς Νέας Ὑόρκης» γράφουν ὅτι ὁ πρωθυπουργὸς τοῦ Κονγκὸ κ. Τσόμπε δὲν ἔχει ἄλλην λύσιν παρὰ νὰ χρησιμοποιήση λευκοὺς μισθοφόρους διὰ τὴν καταστολὴν τῆς ἀνταρσίας.
ΕΘΕΛΟΝΤΡΙΑΙ ΑΔΕΛΦΑΙ ΤΟΥ ΕΡΥΘΡΟΥ ΣΤΑΥΡΟΥ
Ὁ Ἑλληνικὸς Ἐρυθρὸς Σταυρὸς καλεῖ τὰς ἐπιθυμούσας νὰ ἐγγραφοῦν εἰς τὰς σχολὰς ἐθελοντριῶν ἀδελφῶν νὰ προσέλθουν εἰς τὰ γραφεῖα τῆς ὁδοῦ Σόλωνος 5.
ΚΕΜΠΕΚ, 10. (Ρόυτερ).— Ὁμάδες διαδηλωτῶν, ὑποστηρικτῶν τῆς ἀνεξαρτησίας τῆς Γαλλόφωνης ἐπαρχίας, συνεκεντρώθησαν ἔξω ἀπὸ τὸ Κοινοβούλιον κατὰ τὴν ἐπίσκεψιν τῆς Βασιλίσσης Ἐλισάβετ, κραυγάζοντες συνθήματα.
